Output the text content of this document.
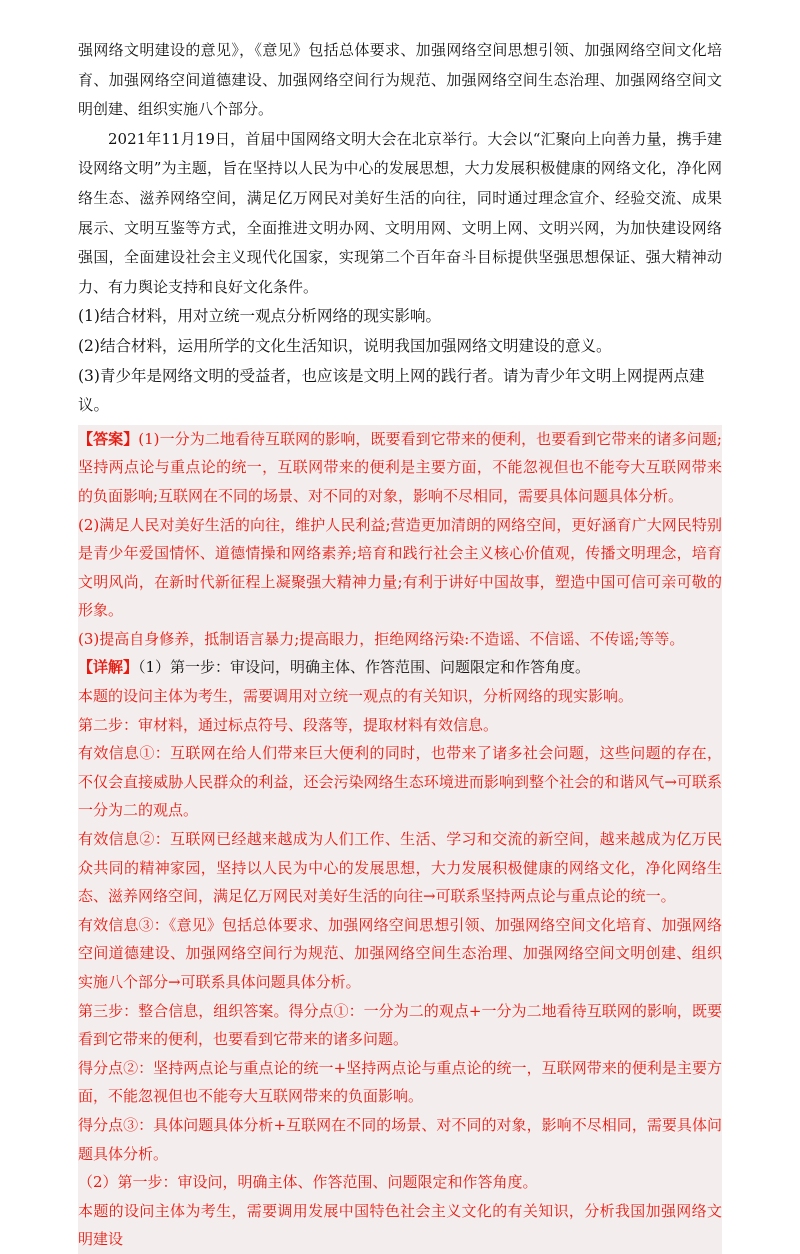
强网络文明建设的意见》，《意见》包括总体要求、加强网络空间思想引领、加强网络空间文化培育、加强网络空间道德建设、加强网络空间行为规范、加强网络空间生态治理、加强网络空间文明创建、组织实施八个部分。

2021年11月19日，首届中国网络文明大会在北京举行。大会以“汇聚向上向善力量，携手建设网络文明”为主题，旨在坚持以人民为中心的发展思想，大力发展积极健康的网络文化，净化网络生态、滋养网络空间，满足亿万网民对美好生活的向往，同时通过理念宣介、经验交流、成果展示、文明互鉴等方式，全面推进文明办网、文明用网、文明上网、文明兴网，为加快建设网络强国，全面建设社会主义现代化国家，实现第二个百年奋斗目标提供坚强思想保证、强大精神动力、有力舆论支持和良好文化条件。

(1)结合材料，用对立统一观点分析网络的现实影响。

(2)结合材料，运用所学的文化生活知识，说明我国加强网络文明建设的意义。

(3)青少年是网络文明的受益者，也应该是文明上网的践行者。请为青少年文明上网提两点建议。

【答案】(1)一分为二地看待互联网的影响，既要看到它带来的便利，也要看到它带来的诸多问题;坚持两点论与重点论的统一，互联网带来的便利是主要方面，不能忽视但也不能夸大互联网带来的负面影响;互联网在不同的场景、对不同的对象，影响不尽相同，需要具体问题具体分析。

(2)满足人民对美好生活的向往，维护人民利益;营造更加清朗的网络空间，更好涵育广大网民特别是青少年爱国情怀、道德情操和网络素养;培育和践行社会主义核心价值观，传播文明理念，培育文明风尚，在新时代新征程上凝聚强大精神力量;有利于讲好中国故事，塑造中国可信可亲可敬的形象。

(3)提高自身修养，抵制语言暴力;提高眼力，拒绝网络污染:不造谣、不信谣、不传谣;等等。

【详解】（1）第一步：审设问，明确主体、作答范围、问题限定和作答角度。

本题的设问主体为考生，需要调用对立统一观点的有关知识，分析网络的现实影响。

第二步：审材料，通过标点符号、段落等，提取材料有效信息。

有效信息①：互联网在给人们带来巨大便利的同时，也带来了诸多社会问题，这些问题的存在，不仅会直接威胁人民群众的利益，还会污染网络生态环境进而影响到整个社会的和谐风气→可联系一分为二的观点。

有效信息②：互联网已经越来越成为人们工作、生活、学习和交流的新空间，越来越成为亿万民众共同的精神家园，坚持以人民为中心的发展思想，大力发展积极健康的网络文化，净化网络生态、滋养网络空间，满足亿万网民对美好生活的向往→可联系坚持两点论与重点论的统一。

有效信息③：《意见》包括总体要求、加强网络空间思想引领、加强网络空间文化培育、加强网络空间道德建设、加强网络空间行为规范、加强网络空间生态治理、加强网络空间文明创建、组织实施八个部分→可联系具体问题具体分析。

第三步：整合信息，组织答案。得分点①：一分为二的观点+一分为二地看待互联网的影响，既要看到它带来的便利，也要看到它带来的诸多问题。

得分点②：坚持两点论与重点论的统一+坚持两点论与重点论的统一，互联网带来的便利是主要方面，不能忽视但也不能夸大互联网带来的负面影响。

得分点③：具体问题具体分析+互联网在不同的场景、对不同的对象，影响不尽相同，需要具体问题具体分析。

（2）第一步：审设问，明确主体、作答范围、问题限定和作答角度。

本题的设问主体为考生，需要调用发展中国特色社会主义文化的有关知识，分析我国加强网络文明建设
